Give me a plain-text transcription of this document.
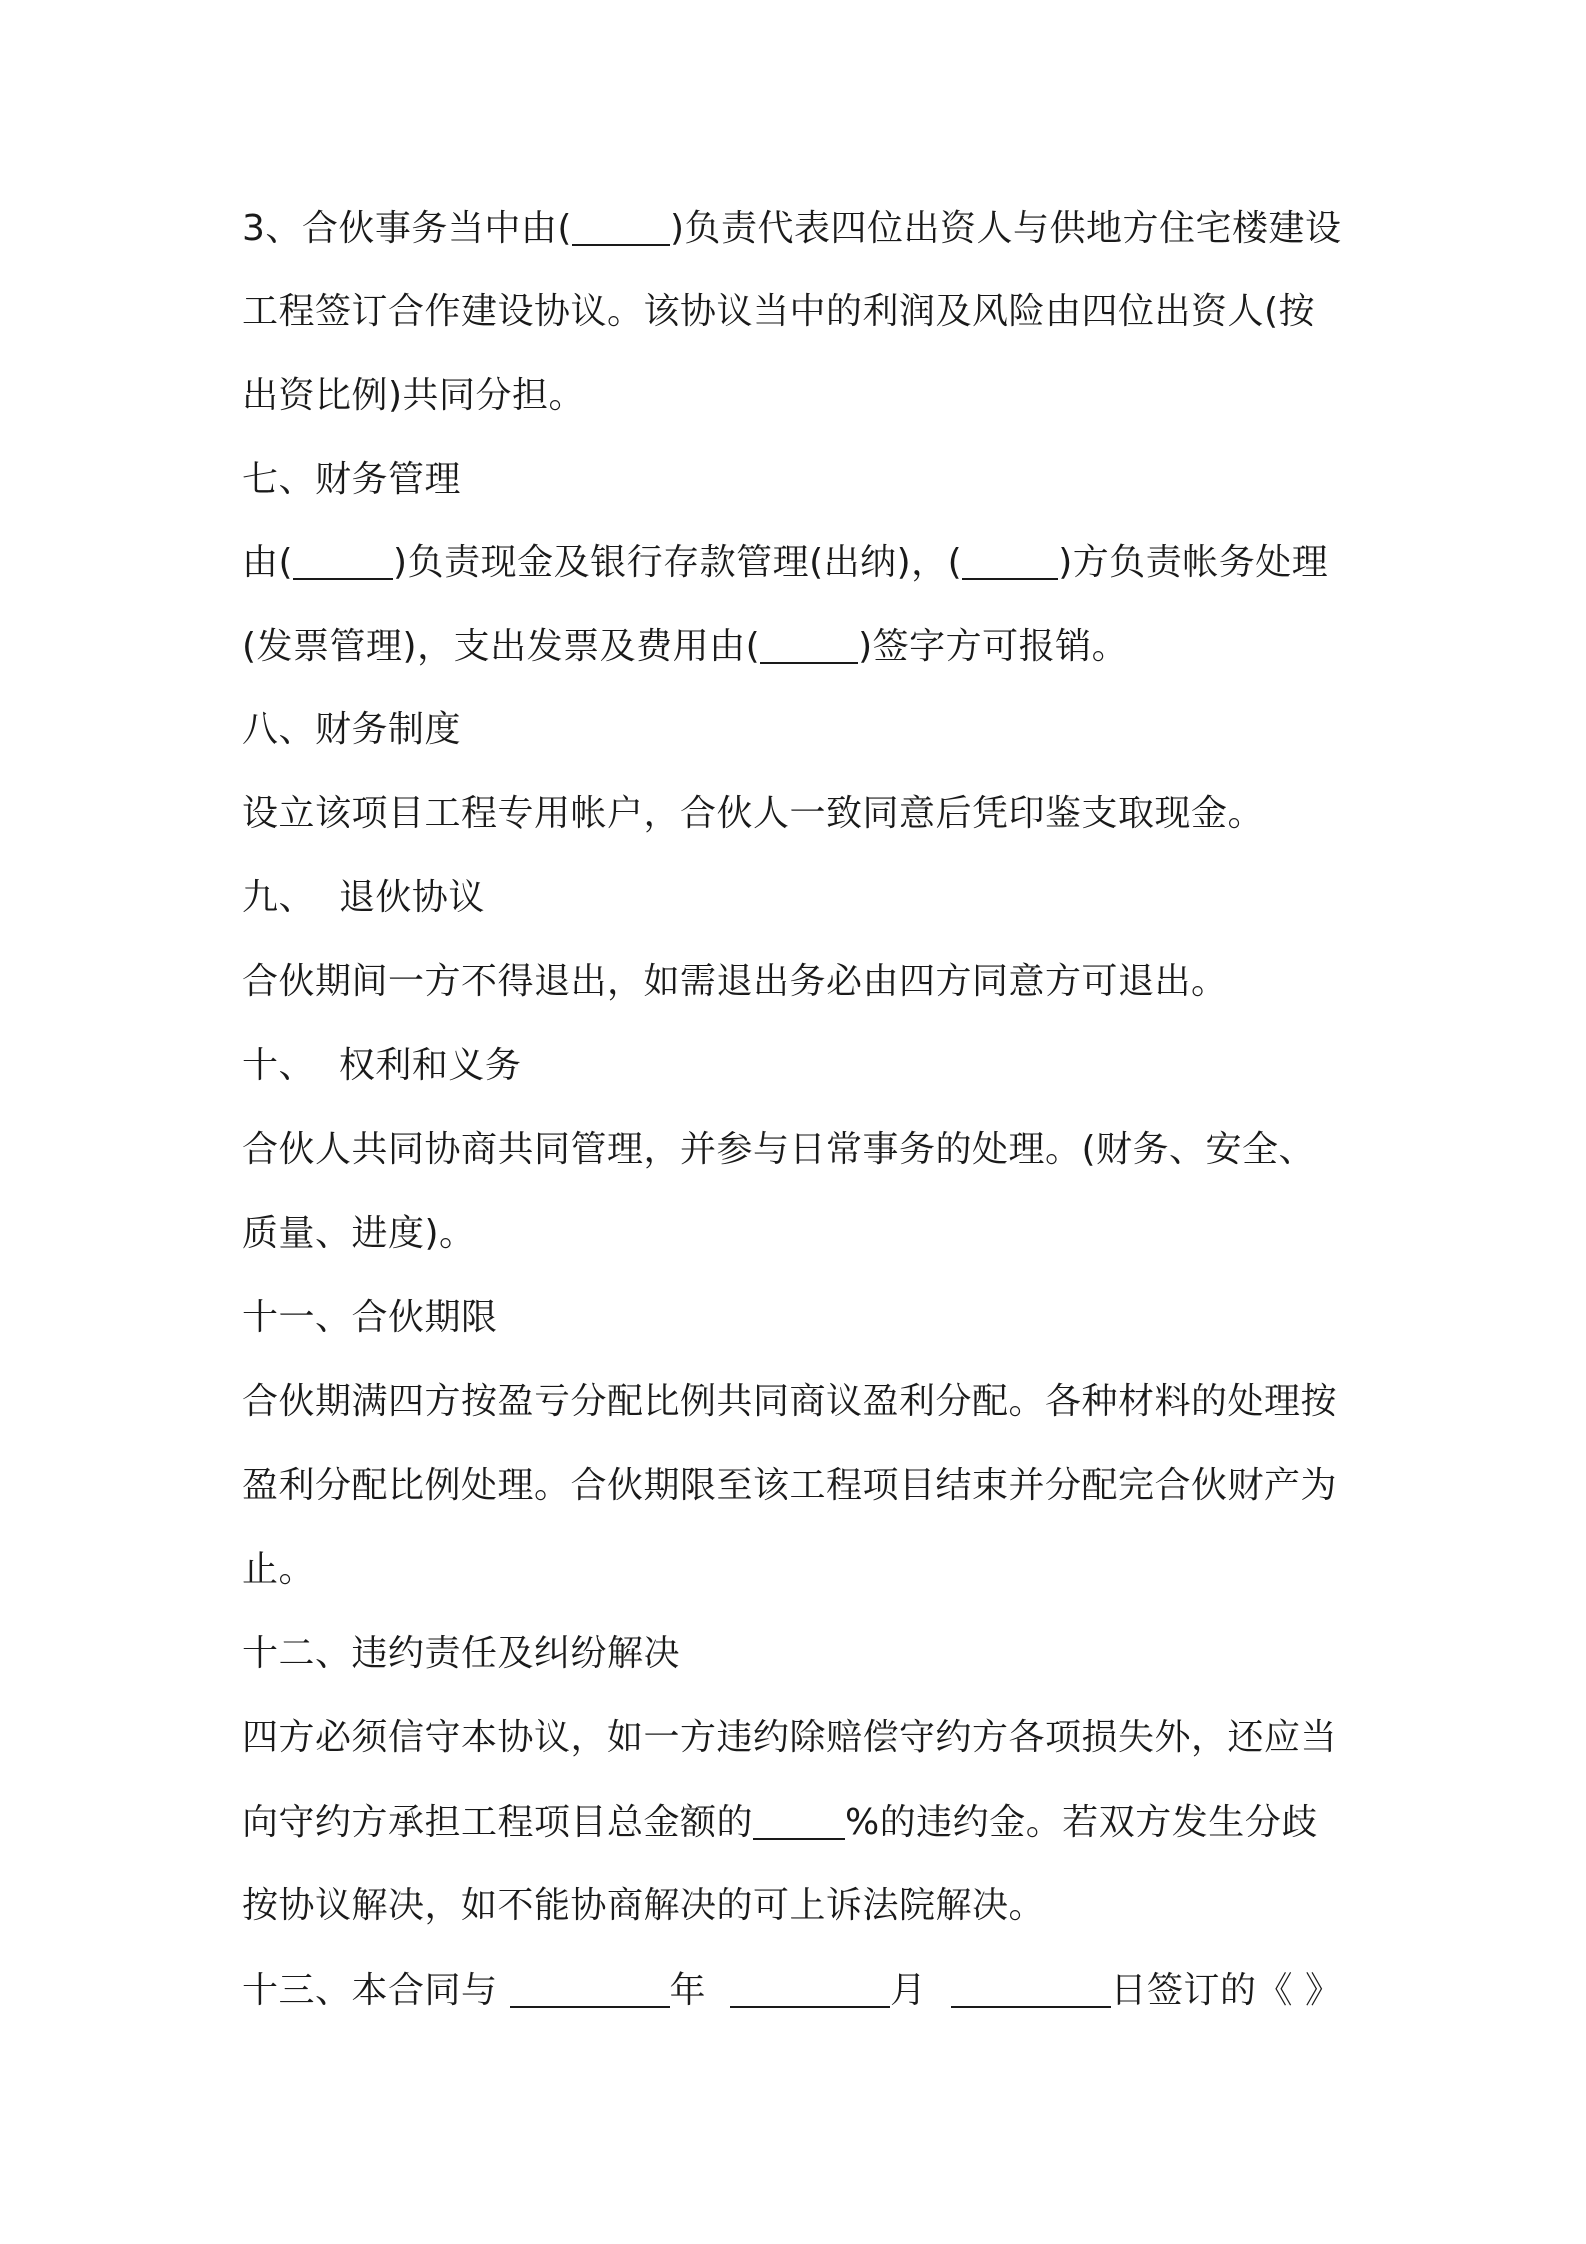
3、合伙事务当中由(	)负责代表四位出资人与供地方住宅楼建设
工程签订合作建设协议。该协议当中的利润及风险由四位出资人(按
出资比例)共同分担。
七、财务管理
由(	)负责现金及银行存款管理(出纳)，(	)方负责帐务处理
(发票管理)，支出发票及费用由(	)签字方可报销。
八、财务制度
设立该项目工程专用帐户，合伙人一致同意后凭印鉴支取现金。
九、  退伙协议
合伙期间一方不得退出，如需退出务必由四方同意方可退出。
十、  权利和义务
合伙人共同协商共同管理，并参与日常事务的处理。(财务、安全、
质量、进度)。
十一、合伙期限
合伙期满四方按盈亏分配比例共同商议盈利分配。各种材料的处理按
盈利分配比例处理。合伙期限至该工程项目结束并分配完合伙财产为
止。
十二、违约责任及纠纷解决
四方必须信守本协议，如一方违约除赔偿守约方各项损失外，还应当
向守约方承担工程项目总金额的	%的违约金。若双方发生分歧
按协议解决，如不能协商解决的可上诉法院解决。
十三、本合同与	年	月	日签订的《 》
